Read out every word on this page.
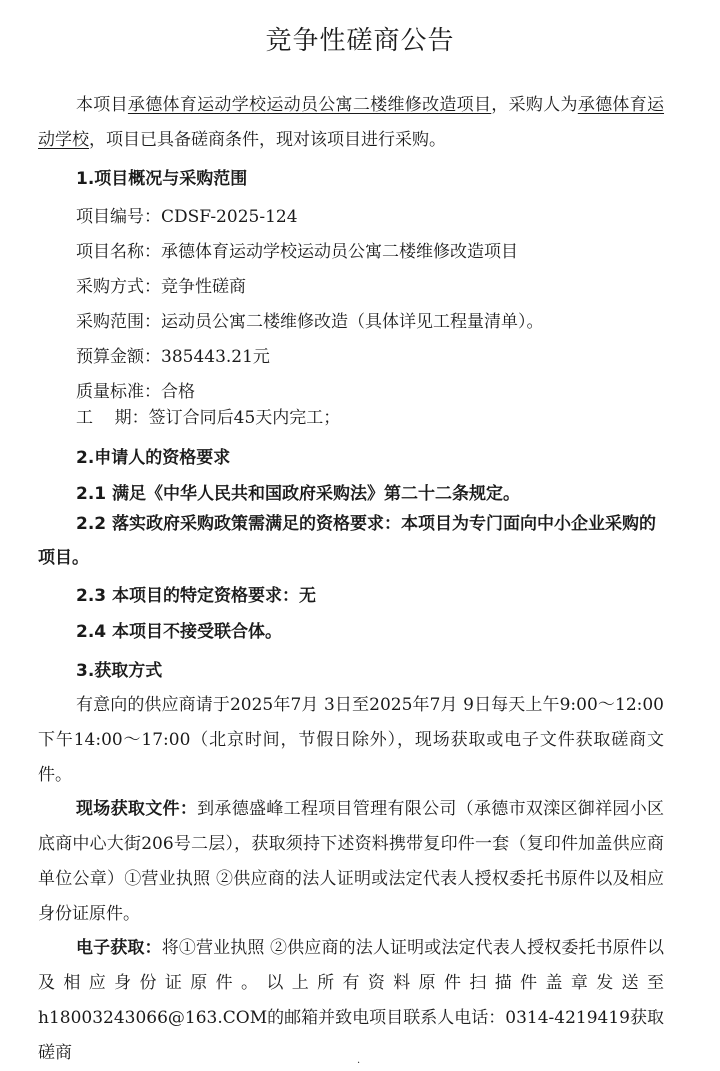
竞争性磋商公告
本项目承德体育运动学校运动员公寓二楼维修改造项目，采购人为承德体育运动学校，项目已具备磋商条件，现对该项目进行采购。
1.项目概况与采购范围
项目编号：CDSF-2025-124
项目名称：承德体育运动学校运动员公寓二楼维修改造项目
采购方式：竞争性磋商
采购范围：运动员公寓二楼维修改造（具体详见工程量清单）。
预算金额：385443.21元
质量标准：合格
工    期：签订合同后45天内完工；
2.申请人的资格要求
2.1 满足《中华人民共和国政府采购法》第二十二条规定。
2.2 落实政府采购政策需满足的资格要求：本项目为专门面向中小企业采购的项目。
2.3 本项目的特定资格要求：无
2.4 本项目不接受联合体。
3.获取方式
有意向的供应商请于2025年7月 3日至2025年7月 9日每天上午9:00～12:00下午14:00～17:00（北京时间，节假日除外），现场获取或电子文件获取磋商文件。
现场获取文件：到承德盛峰工程项目管理有限公司（承德市双滦区御祥园小区底商中心大街206号二层），获取须持下述资料携带复印件一套（复印件加盖供应商单位公章）①营业执照 ②供应商的法人证明或法定代表人授权委托书原件以及相应身份证原件。
电子获取：将①营业执照 ②供应商的法人证明或法定代表人授权委托书原件以及相应身份证原件。以上所有资料原件扫描件盖章发送至h18003243066@163.COM的邮箱并致电项目联系人电话：0314-4219419获取磋商
·
